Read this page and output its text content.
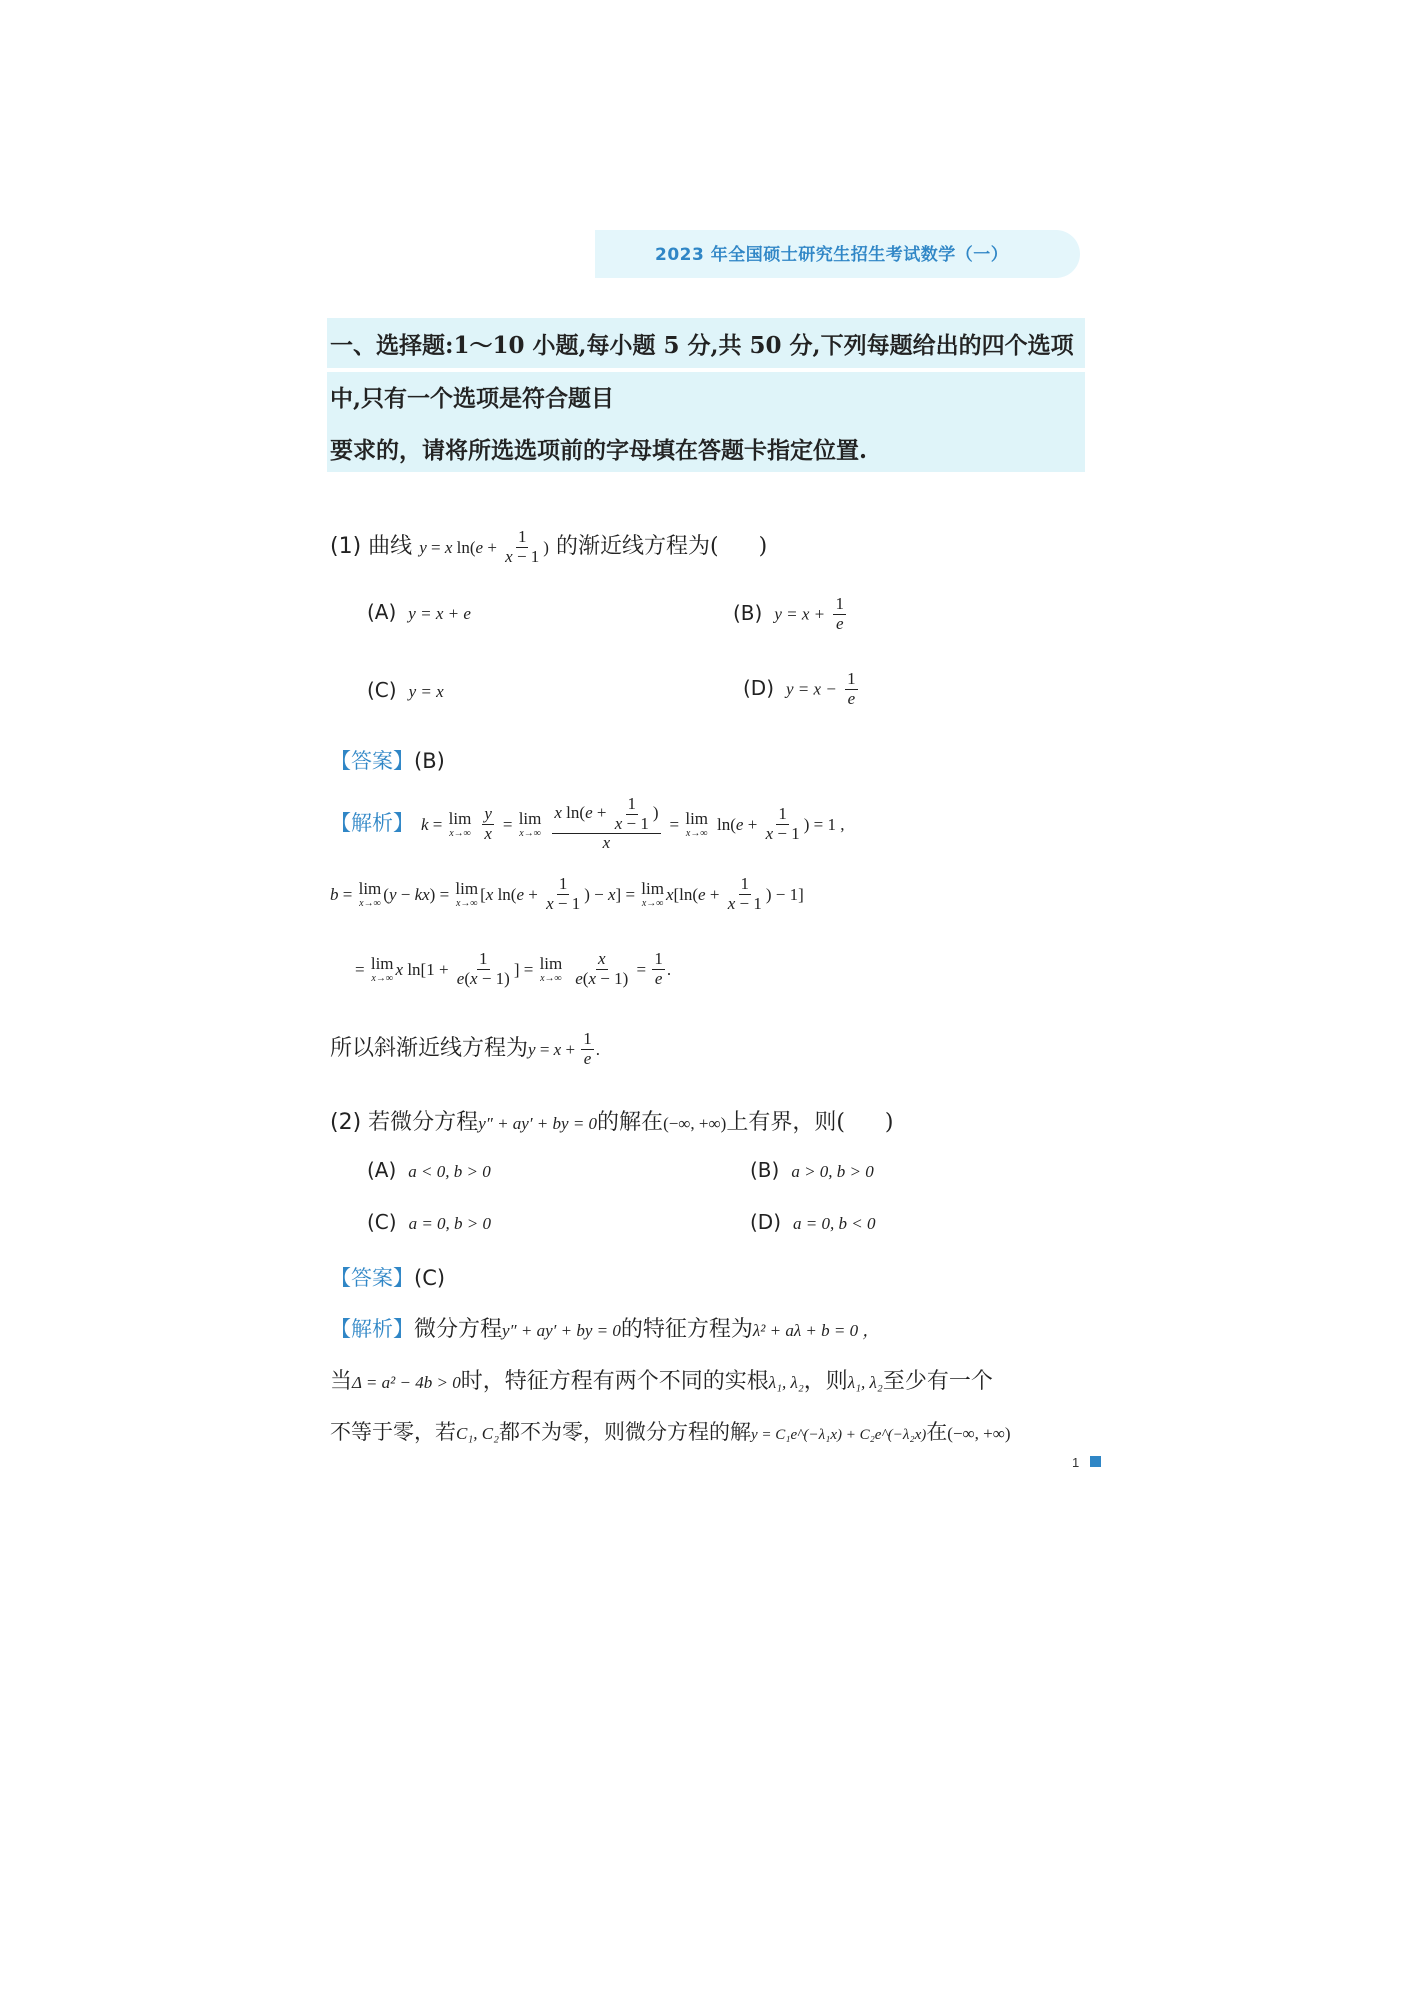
2023 年全国硕士研究生招生考试数学（一）
一、选择题:1～10 小题,每小题 5 分,共 50 分,下列每题给出的四个选项
中,只有一个选项是符合题目
要求的，请将所选选项前的字母填在答题卡指定位置.
(1) 曲线 y = x $\ln(e + \frac{1}{x - 1}$ ) 的渐近线方程为( )
(A) y = x + e	(B) $y = x + \frac{1}{e}$
(C) y = x	(D) $y = x - \frac{1}{e}$
【答案】(B)
【解析】 k = lim
x→∞
$\frac{y}{x} = \lim$
x→∞
$\frac{x \ln(e + \frac{1}{x - 1} )}{x} = \lim$
x→∞ $\ln(e + \frac{1}{x - 1}$ ) = 1 ,
b = lim
x→∞ (y − kx) = lim
x→∞ [x $\ln(e + \frac{1}{x - 1}$ ) − x] = lim
x→∞ $x[\ln(e + \frac{1}{x - 1}$ ) − 1]
= lim
x→∞ x $\ln[1 + \frac{1}{e(x - 1)}$ ] = lim
x→∞
$\frac{x}{e(x - 1)} = \frac{1}{e}$ .
所以斜渐近线方程为$y = x + \frac{1}{e}$ .
(2) 若微分方程y″ + ay′ + by = 0的解在(−∞, +∞)上有界，则( )
(A) a < 0, b > 0	(B) a > 0, b > 0
(C) a = 0, b > 0	(D) a = 0, b < 0
【答案】(C)
【解析】微分方程y″ + ay′ + by = 0的特征方程为λ² + aλ + b = 0 ，
当Δ = a² − 4b > 0时，特征方程有两个不同的实根λ₁, λ₂，则λ₁, λ₂至少有一个
不等于零，若C₁, C₂都不为零，则微分方程的解y = C₁e^(−λ₁x) + C₂e^(−λ₂x)在(−∞, +∞)
1
